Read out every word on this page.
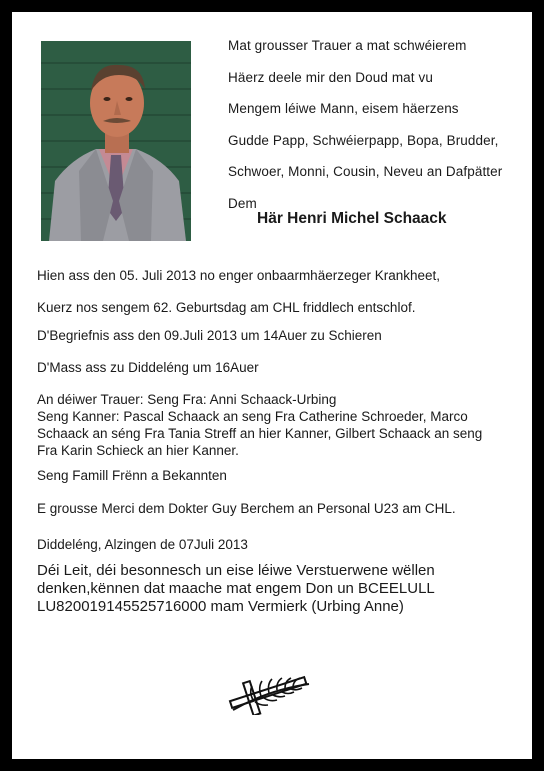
Mat grousser Trauer a mat schwéierem
Häerz deele mir den Doud mat vu
Mengem léiwe Mann, eisem häerzens
Gudde Papp, Schwéierpapp, Bopa, Brudder,
Schwoer, Monni, Cousin, Neveu an Dafpätter
Dem
Här Henri Michel Schaack
Hien ass den 05. Juli 2013 no enger onbaarmhäerzeger Krankheet,
Kuerz nos sengem 62. Geburtsdag am CHL friddlech entschlof.
D'Begriefnis ass den 09.Juli 2013 um 14Auer zu Schieren
D'Mass ass zu Diddeléng um 16Auer
An déiwer Trauer: Seng Fra: Anni Schaack-Urbing
Seng Kanner: Pascal Schaack an seng Fra Catherine Schroeder, Marco
Schaack an séng Fra Tania Streff an hier Kanner, Gilbert Schaack an seng
Fra Karin Schieck an hier Kanner.
Seng Famill Frënn a Bekannten
E grousse Merci dem Dokter Guy Berchem an Personal U23 am CHL.
Diddeléng, Alzingen de 07Juli 2013
Déi Leit, déi besonnesch un eise léiwe Verstuerwene wëllen
denken,kënnen dat maache mat engem Don un BCEELULL
LU820019145525716000 mam Vermierk (Urbing Anne)
